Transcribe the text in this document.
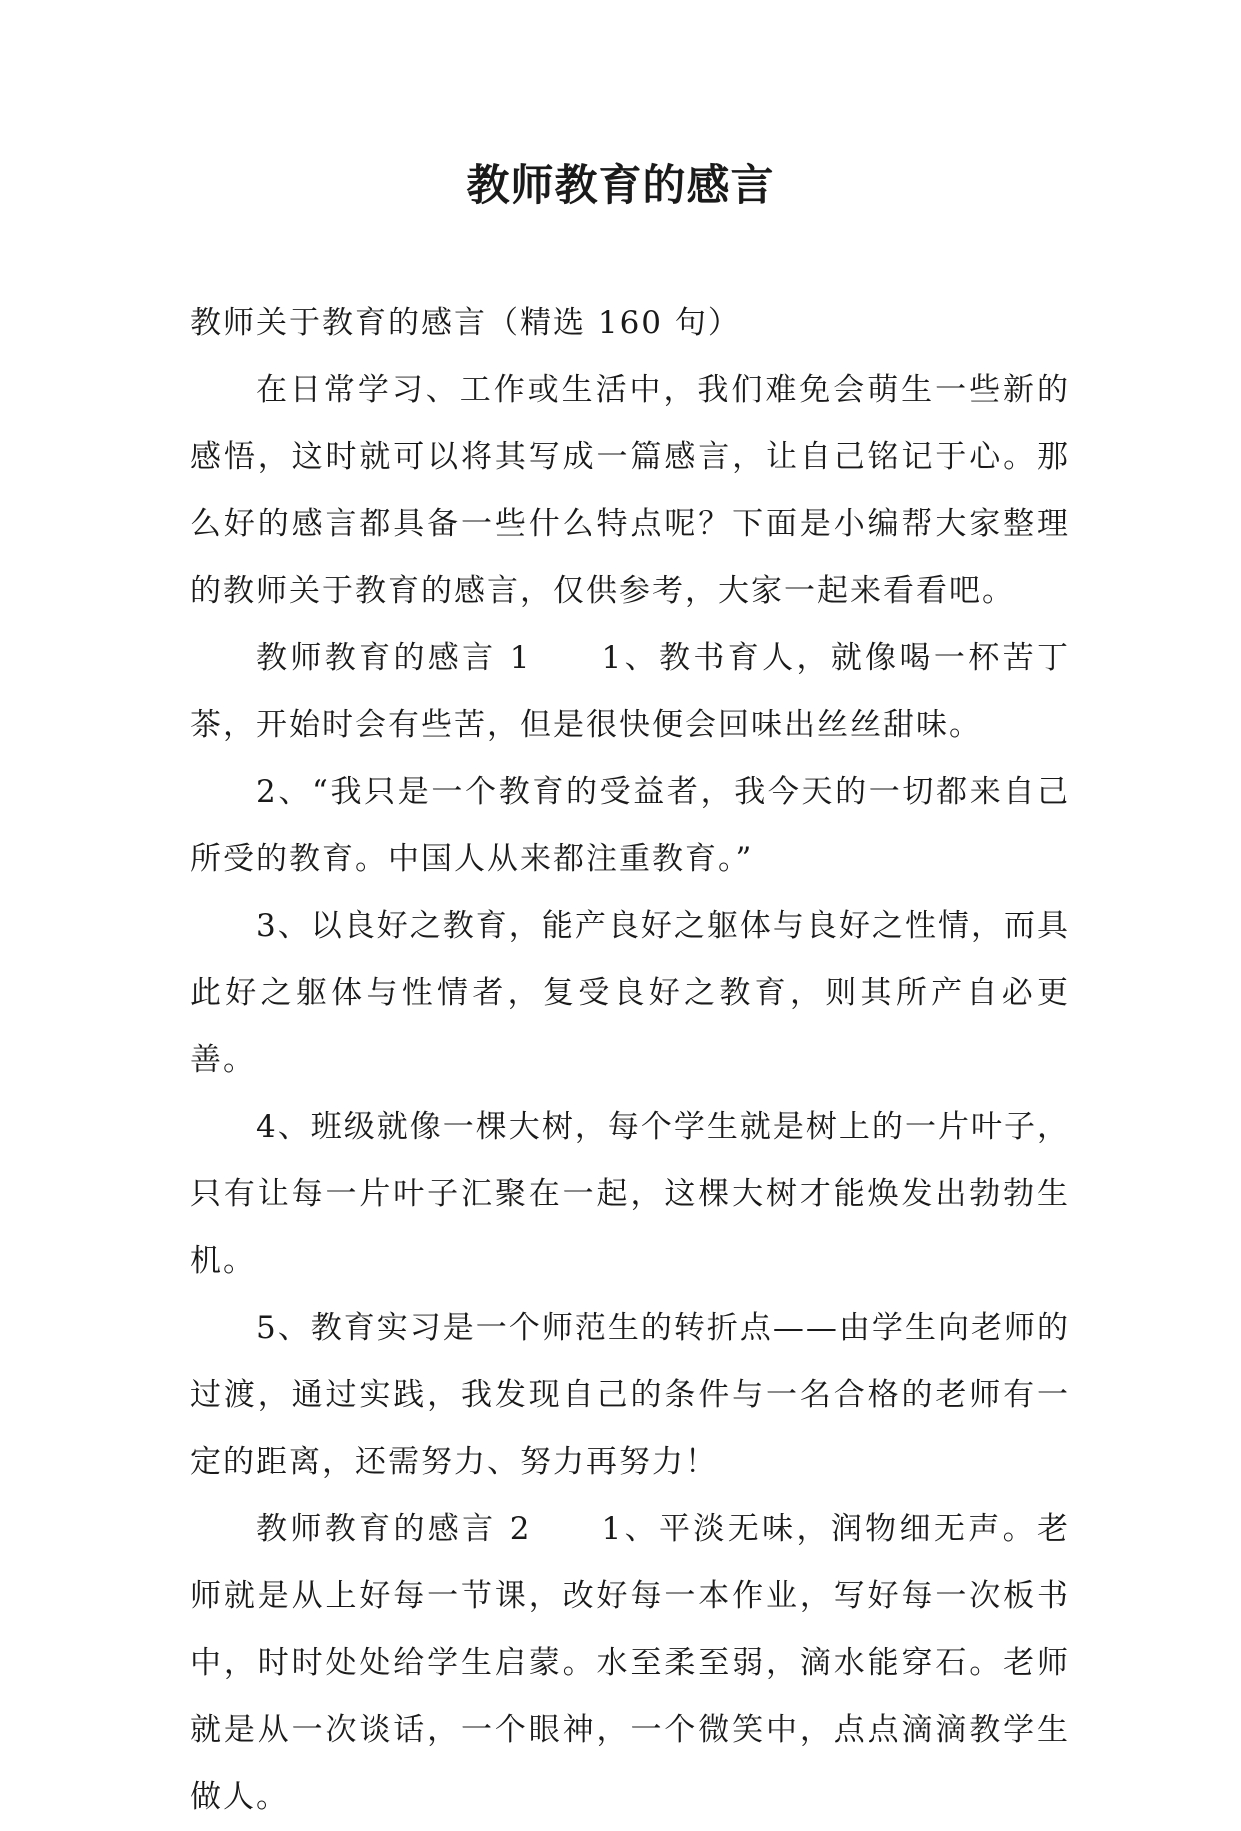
教师教育的感言

教师关于教育的感言（精选 160 句）

在日常学习、工作或生活中，我们难免会萌生一些新的感悟，这时就可以将其写成一篇感言，让自己铭记于心。那么好的感言都具备一些什么特点呢？下面是小编帮大家整理的教师关于教育的感言，仅供参考，大家一起来看看吧。

教师教育的感言 1　　1、教书育人，就像喝一杯苦丁茶，开始时会有些苦，但是很快便会回味出丝丝甜味。

2、“我只是一个教育的受益者，我今天的一切都来自己所受的教育。中国人从来都注重教育。”

3、以良好之教育，能产良好之躯体与良好之性情，而具此好之躯体与性情者，复受良好之教育，则其所产自必更善。

4、班级就像一棵大树，每个学生就是树上的一片叶子，只有让每一片叶子汇聚在一起，这棵大树才能焕发出勃勃生机。

5、教育实习是一个师范生的转折点——由学生向老师的过渡，通过实践，我发现自己的条件与一名合格的老师有一定的距离，还需努力、努力再努力！

教师教育的感言 2　　1、平淡无味，润物细无声。老师就是从上好每一节课，改好每一本作业，写好每一次板书中，时时处处给学生启蒙。水至柔至弱，滴水能穿石。老师就是从一次谈话，一个眼神，一个微笑中，点点滴滴教学生做人。
